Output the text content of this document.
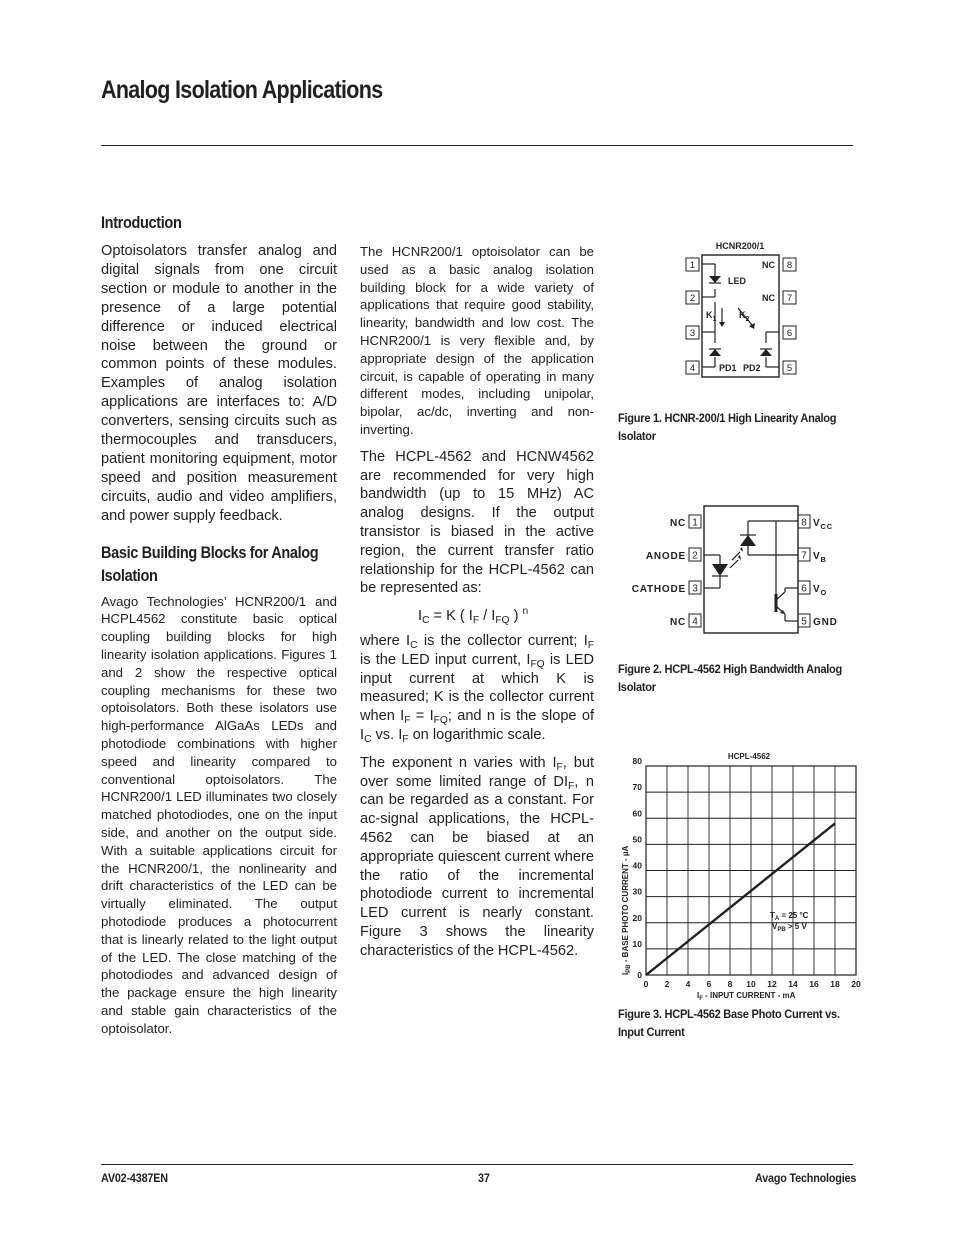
Analog Isolation Applications
Introduction
Optoisolators transfer analog and digital signals from one circuit section or module to another in the presence of a large potential difference or induced electrical noise between the ground or common points of these modules. Examples of analog isolation applications are interfaces to: A/D converters, sensing circuits such as thermocouples and transducers, patient monitoring equipment, motor speed and position measurement circuits, audio and video amplifiers, and power supply feedback.
Basic Building Blocks for Analog Isolation
Avago Technologies’ HCNR200/1 and HCPL4562 constitute basic optical coupling building blocks for high linearity isolation applications. Figures 1 and 2 show the respective optical coupling mechanisms for these two optoisolators. Both these isolators use high-performance AlGaAs LEDs and photodiode combinations with higher speed and linearity compared to conventional optoisolators. The HCNR200/1 LED illuminates two closely matched photodiodes, one on the input side, and another on the output side. With a suitable applications circuit for the HCNR200/1, the nonlinearity and drift characteristics of the LED can be virtually eliminated. The output photodiode produces a photocurrent that is linearly related to the light output of the LED. The close matching of the photodiodes and advanced design of the package ensure the high linearity and stable gain characteristics of the optoisolator.

The HCNR200/1 optoisolator can be used as a basic analog isolation building block for a wide variety of applications that require good stability, linearity, bandwidth and low cost. The HCNR200/1 is very flexible and, by appropriate design of the application circuit, is capable of operating in many different modes, including unipolar, bipolar, ac/dc, inverting and non-inverting.

The HCPL-4562 and HCNW4562 are recommended for very high bandwidth (up to 15 MHz) AC analog designs. If the output transistor is biased in the active region, the current transfer ratio relationship for the HCPL-4562 can be represented as:

$I_C = K$ ( $I_F / I_{FQ}$ ) $^n$

where $I_C$ is the collector current; $I_F$ is the LED input current, $I_{FQ}$ is LED input current at which K is measured; K is the collector current when $I_F = I_{FQ}$; and n is the slope of $I_C$ vs. $I_F$ on logarithmic scale.

The exponent n varies with $I_F$, but over some limited range of $DI_F$, n can be regarded as a constant. For ac-signal applications, the HCPL-4562 can be biased at an appropriate quiescent current where the ratio of the incremental photodiode current to incremental LED current is nearly constant. Figure 3 shows the linearity characteristics of the HCPL-4562.

HCNR200/1
1
2
3
4
8
7
6
5
NC
NC
LED
$K_1$	$K_2$
PD1 PD2
Figure 1. HCNR-200/1 High Linearity Analog Isolator
NC
ANODE
CATHODE
NC
$V_{CC}$
$V_B$
$V_O$
GND
1
2
3
4
8
7
6
5
Figure 2. HCPL-4562 High Bandwidth Analog Isolator
HCPL-4562
0 2 4 6 8 10 12 14 16 18 20
0
10
20
30
40
50
60
70
80
$T_A = 25$ °C
$V_{PB} > 5$ V
$I_F$ - INPUT CURRENT - mA
$I_{PB}$ - BASE PHOTO CURRENT - µA
Figure 3. HCPL-4562 Base Photo Current vs. Input Current
AV02-4387EN	37	Avago Technologies
